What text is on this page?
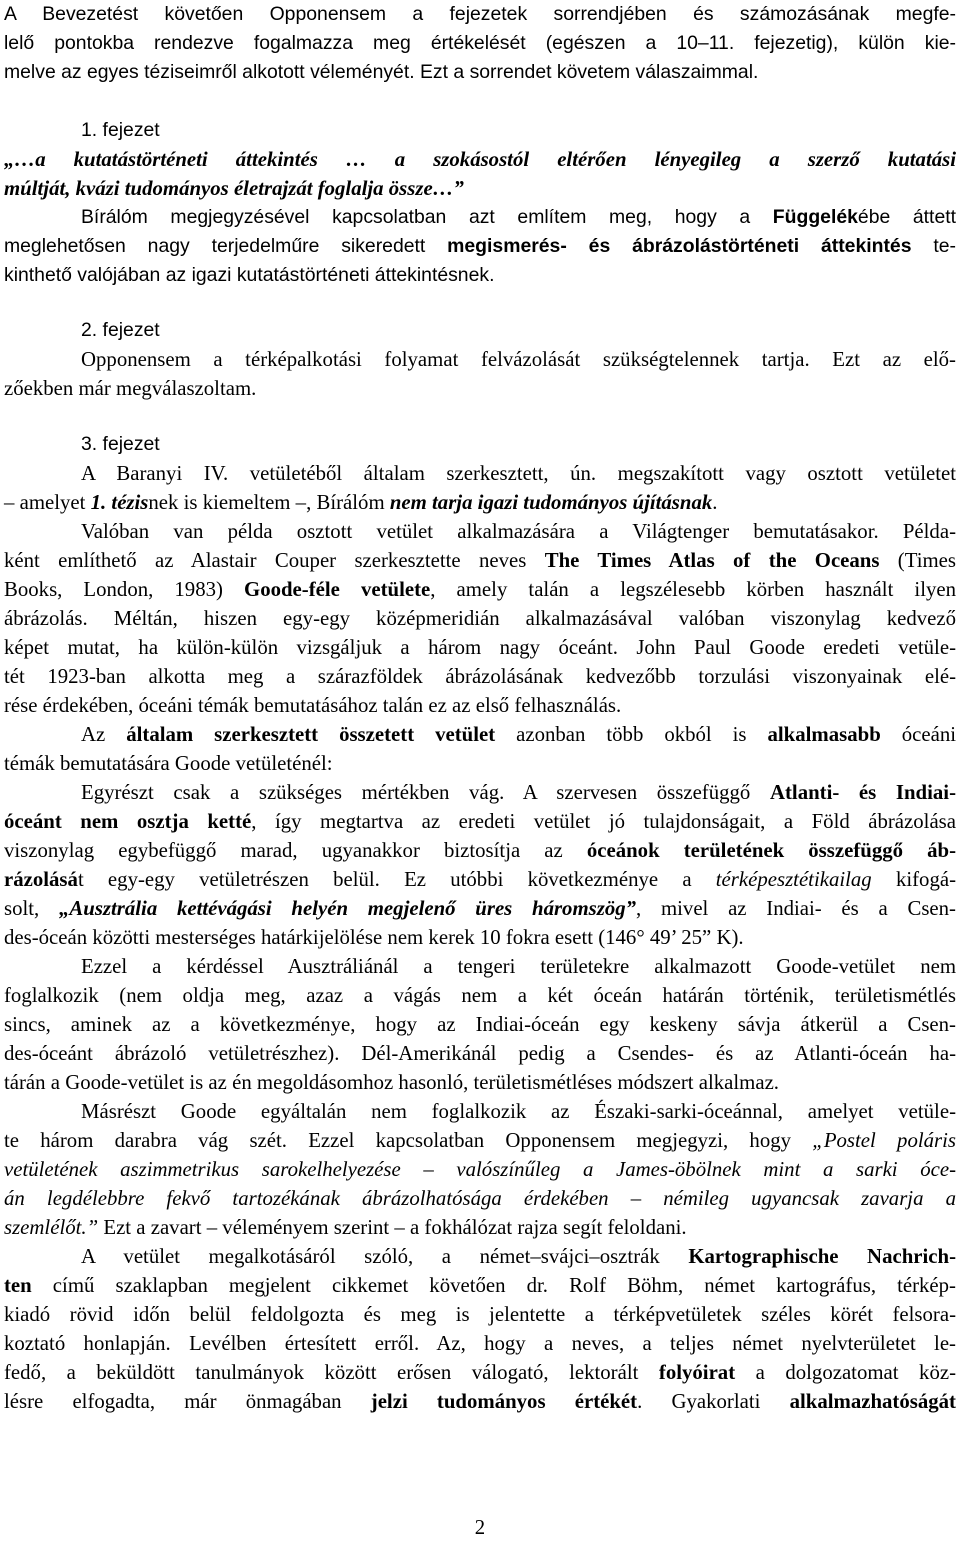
A Bevezetést követően Opponensem a fejezetek sorrendjében és számozásának megfe-
lelő pontokba rendezve fogalmazza meg értékelését (egészen a 10–11. fejezetig), külön kie-
melve az egyes téziseimről alkotott véleményét. Ezt a sorrendet követem válaszaimmal.
1. fejezet
„…a kutatástörténeti áttekintés … a szokásostól eltérően lényegileg a szerző kutatási
múltját, kvázi tudományos életrajzát foglalja össze…”
Bírálóm megjegyzésével kapcsolatban azt említem meg, hogy a Függelékébe áttett
meglehetősen nagy terjedelműre sikeredett megismerés- és ábrázolástörténeti áttekintés te-
kinthető valójában az igazi kutatástörténeti áttekintésnek.
2. fejezet
Opponensem a térképalkotási folyamat felvázolását szükségtelennek tartja. Ezt az elő-
zőekben már megválaszoltam.
3. fejezet
A Baranyi IV. vetületéből általam szerkesztett, ún. megszakított vagy osztott vetületet
– amelyet 1. tézisnek is kiemeltem –, Bírálóm nem tarja igazi tudományos újításnak.
Valóban van példa osztott vetület alkalmazására a Világtenger bemutatásakor. Példa-
ként említhető az Alastair Couper szerkesztette neves The Times Atlas of the Oceans (Times
Books, London, 1983) Goode-féle vetülete, amely talán a legszélesebb körben használt ilyen
ábrázolás. Méltán, hiszen egy-egy középmeridián alkalmazásával valóban viszonylag kedvező
képet mutat, ha külön-külön vizsgáljuk a három nagy óceánt. John Paul Goode eredeti vetüle-
tét 1923-ban alkotta meg a szárazföldek ábrázolásának kedvezőbb torzulási viszonyainak elé-
rése érdekében, óceáni témák bemutatásához talán ez az első felhasználás.
Az általam szerkesztett összetett vetület azonban több okból is alkalmasabb óceáni
témák bemutatására Goode vetületénél:
Egyrészt csak a szükséges mértékben vág. A szervesen összefüggő Atlanti- és Indiai-
óceánt nem osztja ketté, így megtartva az eredeti vetület jó tulajdonságait, a Föld ábrázolása
viszonylag egybefüggő marad, ugyanakkor biztosítja az óceánok területének összefüggő áb-
rázolását egy-egy vetületrészen belül. Ez utóbbi következménye a térképesztétikailag kifogá-
solt, „Ausztrália kettévágási helyén megjelenő üres háromszög”, mivel az Indiai- és a Csen-
des-óceán közötti mesterséges határkijelölése nem kerek 10 fokra esett (146° 49’ 25” K).
Ezzel a kérdéssel Ausztráliánál a tengeri területekre alkalmazott Goode-vetület nem
foglalkozik (nem oldja meg, azaz a vágás nem a két óceán határán történik, területismétlés
sincs, aminek az a következménye, hogy az Indiai-óceán egy keskeny sávja átkerül a Csen-
des-óceánt ábrázoló vetületrészhez). Dél-Amerikánál pedig a Csendes- és az Atlanti-óceán ha-
tárán a Goode-vetület is az én megoldásomhoz hasonló, területismétléses módszert alkalmaz.
Másrészt Goode egyáltalán nem foglalkozik az Északi-sarki-óceánnal, amelyet vetüle-
te három darabra vág szét. Ezzel kapcsolatban Opponensem megjegyzi, hogy „Postel poláris
vetületének aszimmetrikus sarokelhelyezése – valószínűleg a James-öbölnek mint a sarki óce-
án legdélebbre fekvő tartozékának ábrázolhatósága érdekében – némileg ugyancsak zavarja a
szemlélőt.” Ezt a zavart – véleményem szerint – a fokhálózat rajza segít feloldani.
A vetület megalkotásáról szóló, a német–svájci–osztrák Kartographische Nachrich-
ten című szaklapban megjelent cikkemet követően dr. Rolf Böhm, német kartográfus, térkép-
kiadó rövid időn belül feldolgozta és meg is jelentette a térképvetületek széles körét felsora-
koztató honlapján. Levélben értesített erről. Az, hogy a neves, a teljes német nyelvterületet le-
fedő, a beküldött tanulmányok között erősen válogató, lektorált folyóirat a dolgozatomat köz-
lésre elfogadta, már önmagában jelzi tudományos értékét. Gyakorlati alkalmazhatóságát
2
